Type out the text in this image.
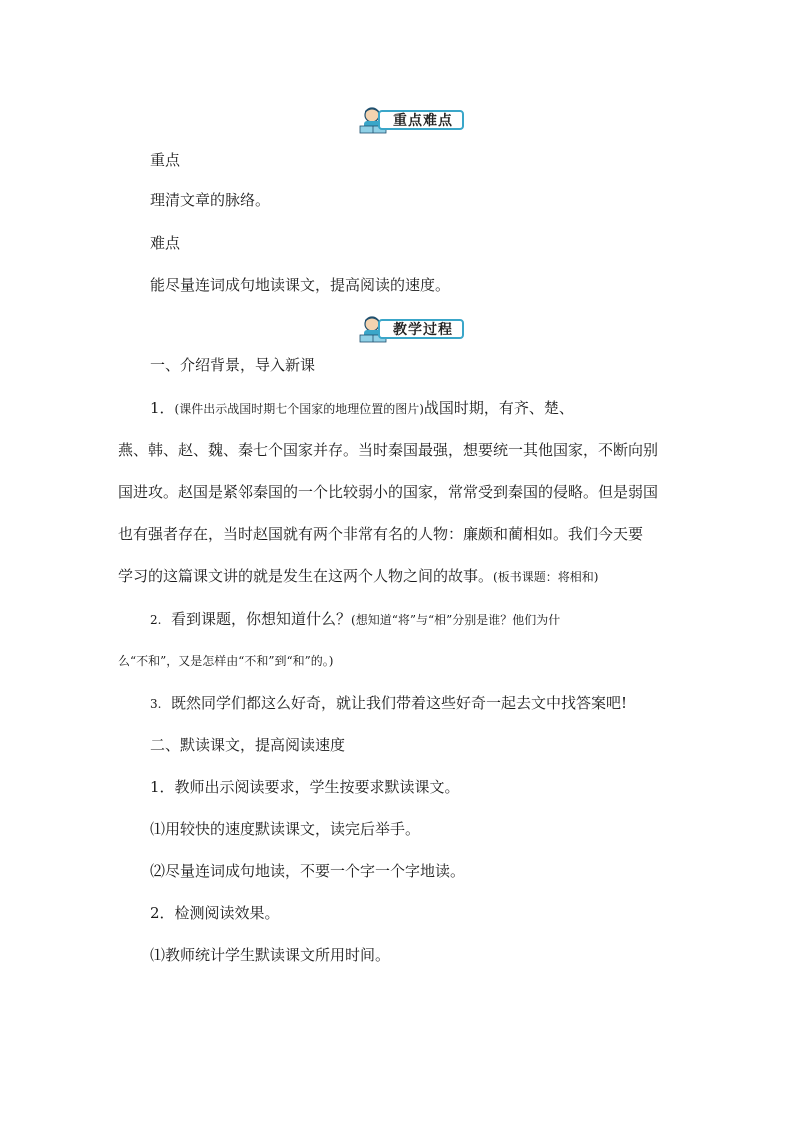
重点难点
重点
理清文章的脉络。
难点
能尽量连词成句地读课文，提高阅读的速度。
教学过程
一、介绍背景，导入新课
1．(课件出示战国时期七个国家的地理位置的图片)战国时期，有齐、楚、
燕、韩、赵、魏、秦七个国家并存。当时秦国最强，想要统一其他国家，不断向别
国进攻。赵国是紧邻秦国的一个比较弱小的国家，常常受到秦国的侵略。但是弱国
也有强者存在，当时赵国就有两个非常有名的人物：廉颇和蔺相如。我们今天要
学习的这篇课文讲的就是发生在这两个人物之间的故事。(板书课题：将相和)
2. 看到课题，你想知道什么？(想知道“将”与“相”分别是谁？他们为什
么“不和”，又是怎样由“不和”到“和”的。)
3. 既然同学们都这么好奇，就让我们带着这些好奇一起去文中找答案吧!
二、默读课文，提高阅读速度
1．教师出示阅读要求，学生按要求默读课文。
⑴用较快的速度默读课文，读完后举手。
⑵尽量连词成句地读，不要一个字一个字地读。
2．检测阅读效果。
⑴教师统计学生默读课文所用时间。
